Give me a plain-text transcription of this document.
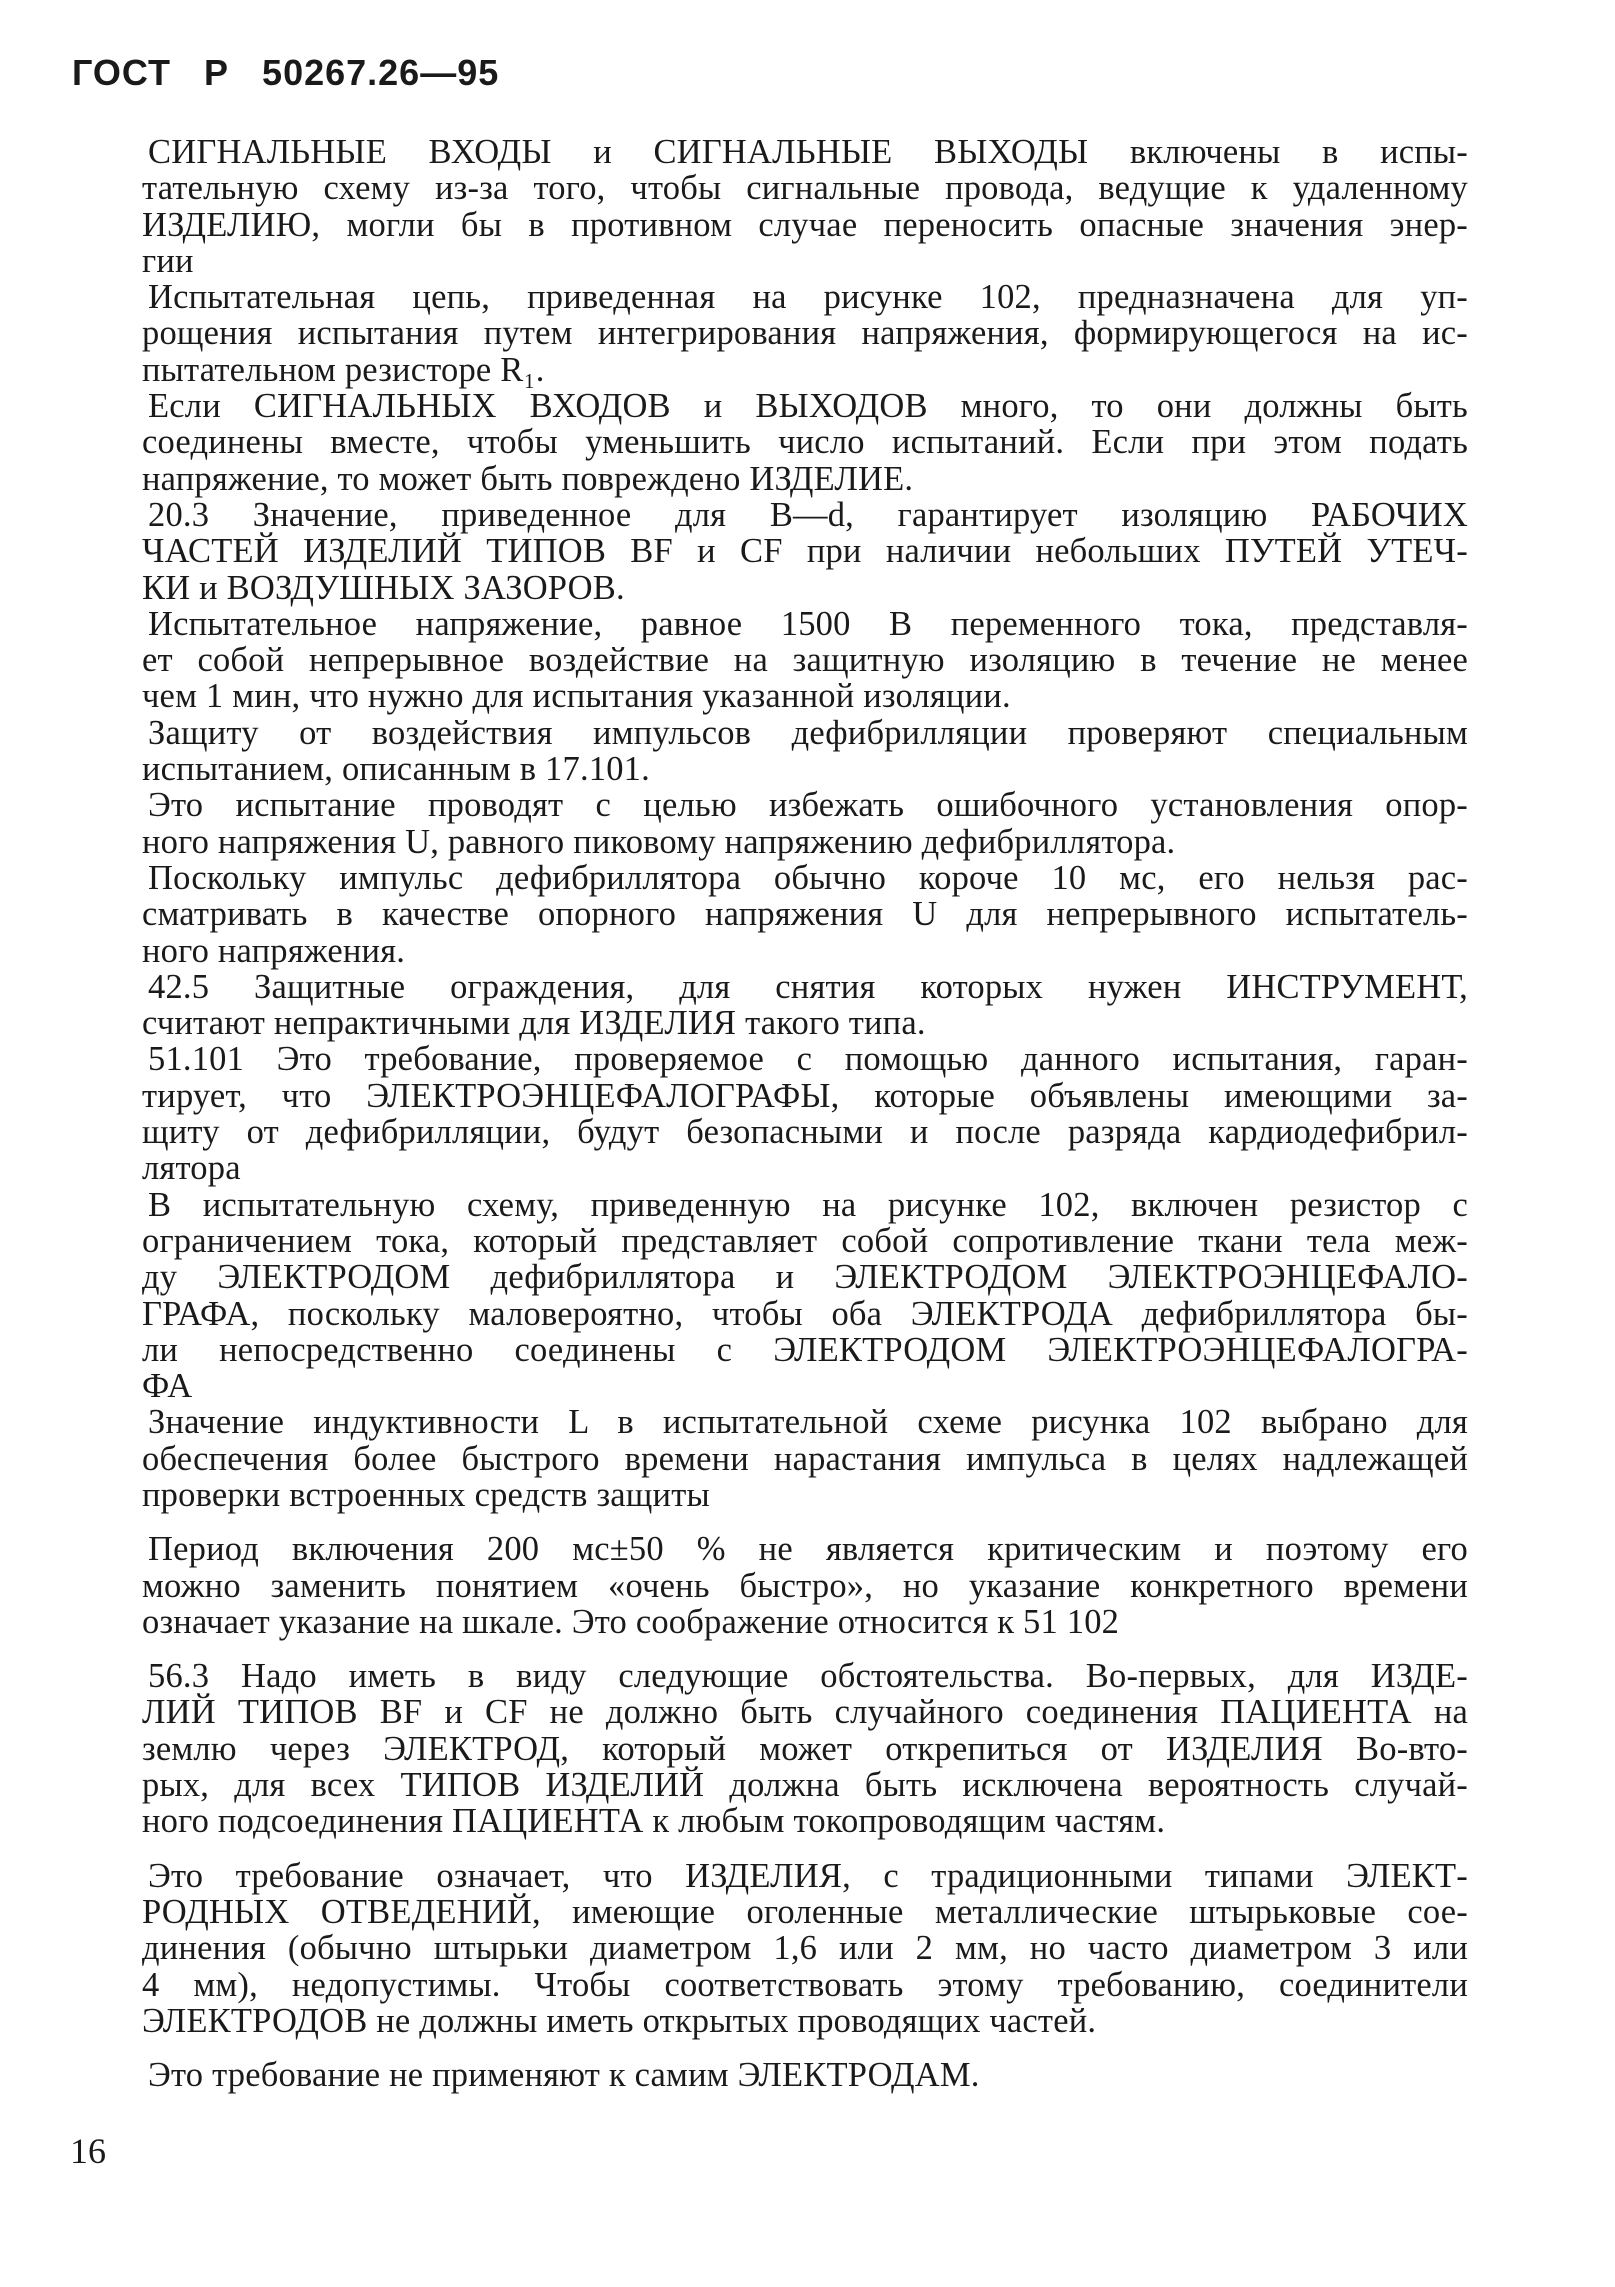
ГОСТ   Р   50267.26—95

СИГНАЛЬНЫЕ ВХОДЫ и СИГНАЛЬНЫЕ ВЫХОДЫ включены в испы-
тательную схему из-за того, чтобы сигнальные провода, ведущие к удаленному
ИЗДЕЛИЮ, могли бы в противном случае переносить опасные значения энер-
гии

Испытательная цепь, приведенная на рисунке 102, предназначена для уп-
рощения испытания путем интегрирования напряжения, формирующегося на ис-
пытательном резисторе R₁.

Если СИГНАЛЬНЫХ ВХОДОВ и ВЫХОДОВ много, то они должны быть
соединены вместе, чтобы уменьшить число испытаний. Если при этом подать
напряжение, то может быть повреждено ИЗДЕЛИЕ.

20.3 Значение, приведенное для В—d, гарантирует изоляцию РАБОЧИХ
ЧАСТЕЙ ИЗДЕЛИЙ ТИПОВ BF и CF при наличии небольших ПУТЕЙ УТЕЧ-
КИ и ВОЗДУШНЫХ ЗАЗОРОВ.

Испытательное напряжение, равное 1500 В переменного тока, представля-
ет собой непрерывное воздействие на защитную изоляцию в течение не менее
чем 1 мин, что нужно для испытания указанной изоляции.

Защиту от воздействия импульсов дефибрилляции проверяют специальным
испытанием, описанным в 17.101.

Это испытание проводят с целью избежать ошибочного установления опор-
ного напряжения U, равного пиковому напряжению дефибриллятора.

Поскольку импульс дефибриллятора обычно короче 10 мс, его нельзя рас-
сматривать в качестве опорного напряжения U для непрерывного испытатель-
ного напряжения.

42.5 Защитные ограждения, для снятия которых нужен ИНСТРУМЕНТ,
считают непрактичными для ИЗДЕЛИЯ такого типа.

51.101 Это требование, проверяемое с помощью данного испытания, гаран-
тирует, что ЭЛЕКТРОЭНЦЕФАЛОГРАФЫ, которые объявлены имеющими за-
щиту от дефибрилляции, будут безопасными и после разряда кардиодефибрил-
лятора

В испытательную схему, приведенную на рисунке 102, включен резистор с
ограничением тока, который представляет собой сопротивление ткани тела меж-
ду ЭЛЕКТРОДОМ дефибриллятора и ЭЛЕКТРОДОМ ЭЛЕКТРОЭНЦЕФАЛО-
ГРАФА, поскольку маловероятно, чтобы оба ЭЛЕКТРОДА дефибриллятора бы-
ли непосредственно соединены с ЭЛЕКТРОДОМ ЭЛЕКТРОЭНЦЕФАЛОГРА-
ФА

Значение индуктивности L в испытательной схеме рисунка 102 выбрано для
обеспечения более быстрого времени нарастания импульса в целях надлежащей
проверки встроенных средств защиты

Период включения 200 мс±50 % не является критическим и поэтому его
можно заменить понятием «очень быстро», но указание конкретного времени
означает указание на шкале. Это соображение относится к 51 102

56.3 Надо иметь в виду следующие обстоятельства. Во-первых, для ИЗДЕ-
ЛИЙ ТИПОВ BF и CF не должно быть случайного соединения ПАЦИЕНТА на
землю через ЭЛЕКТРОД, который может открепиться от ИЗДЕЛИЯ Во-вто-
рых, для всех ТИПОВ ИЗДЕЛИЙ должна быть исключена вероятность случай-
ного подсоединения ПАЦИЕНТА к любым токопроводящим частям.

Это требование означает, что ИЗДЕЛИЯ, с традиционными типами ЭЛЕКТ-
РОДНЫХ ОТВЕДЕНИЙ, имеющие оголенные металлические штырьковые сое-
динения (обычно штырьки диаметром 1,6 или 2 мм, но часто диаметром 3 или
4 мм), недопустимы. Чтобы соответствовать этому требованию, соединители
ЭЛЕКТРОДОВ не должны иметь открытых проводящих частей.

Это требование не применяют к самим ЭЛЕКТРОДАМ.

16
